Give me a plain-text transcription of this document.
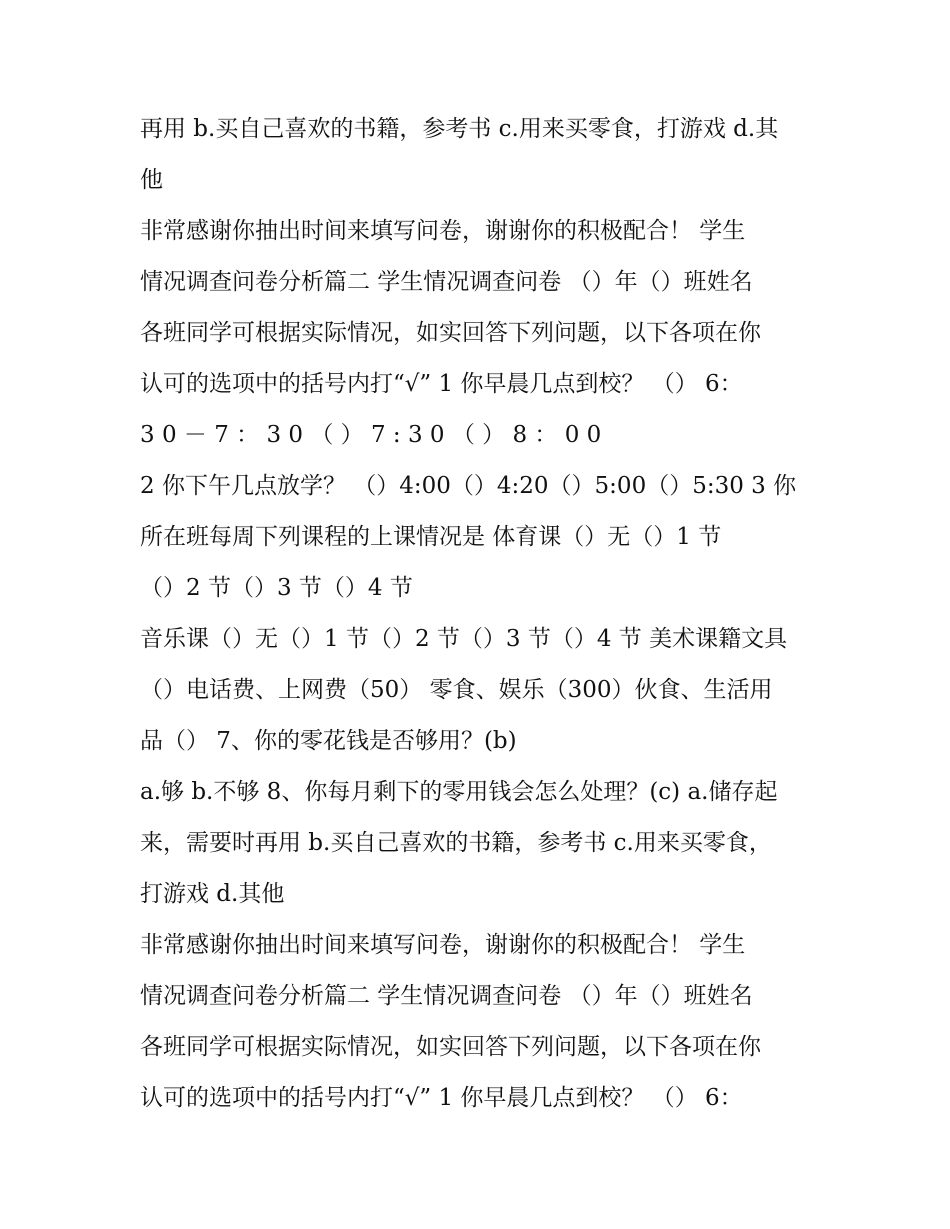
再用 b.买自己喜欢的书籍，参考书 c.用来买零食，打游戏 d.其
他
非常感谢你抽出时间来填写问卷，谢谢你的积极配合！ 学生
情况调查问卷分析篇二 学生情况调查问卷 （）年（）班姓名
各班同学可根据实际情况，如实回答下列问题，以下各项在你
认可的选项中的括号内打“√” 1 你早晨几点到校？ （） 6：
3 0 － 7 ： 3 0 （ ） 7 : 3 0 （ ） 8 ： 0 0
2 你下午几点放学？ （）4:00（）4:20（）5:00（）5:30 3 你
所在班每周下列课程的上课情况是 体育课（）无（）1 节
（）2 节（）3 节（）4 节
音乐课（）无（）1 节（）2 节（）3 节（）4 节 美术课籍文具
（）电话费、上网费（50） 零食、娱乐（300）伙食、生活用
品（） 7、你的零花钱是否够用？(b)
a.够 b.不够 8、你每月剩下的零用钱会怎么处理？(c) a.储存起
来，需要时再用 b.买自己喜欢的书籍，参考书 c.用来买零食，
打游戏 d.其他
非常感谢你抽出时间来填写问卷，谢谢你的积极配合！ 学生
情况调查问卷分析篇二 学生情况调查问卷 （）年（）班姓名
各班同学可根据实际情况，如实回答下列问题，以下各项在你
认可的选项中的括号内打“√” 1 你早晨几点到校？ （） 6：
